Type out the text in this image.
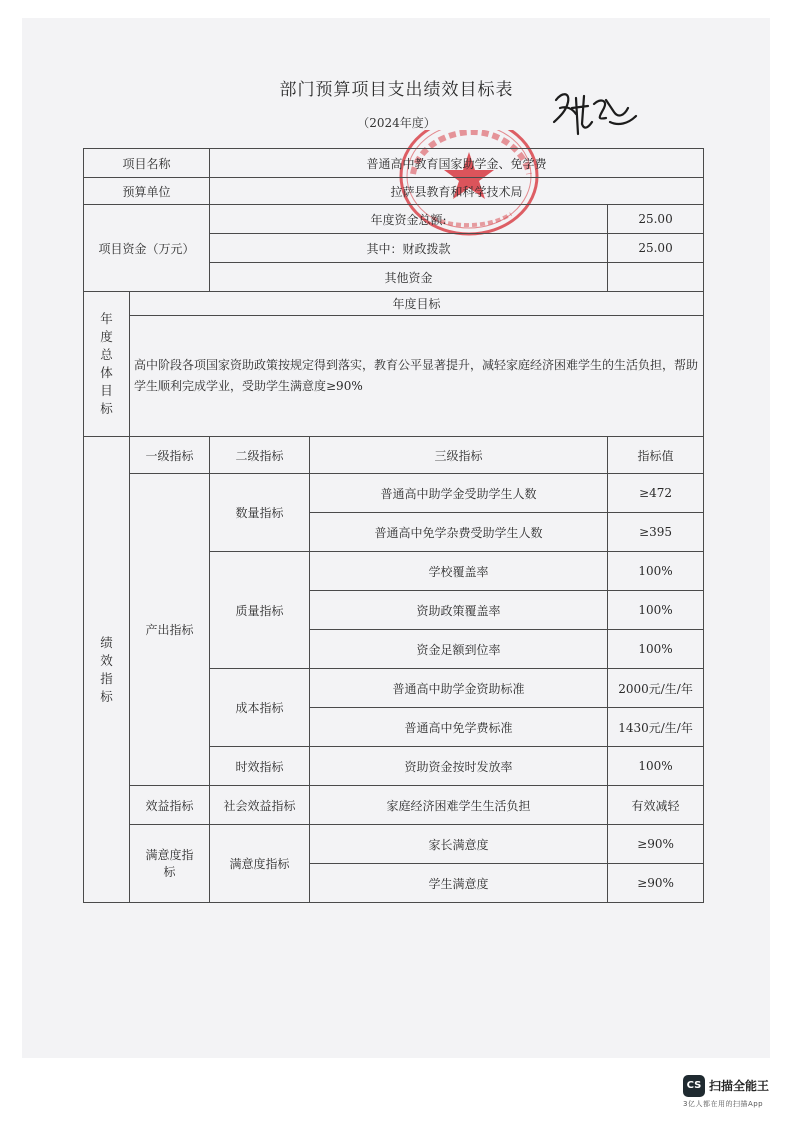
部门预算项目支出绩效目标表
（2024年度）
项目名称		普通高中教育国家助学金、免学费		
预算单位		拉萨县教育和科学技术局		
项目资金（万元）		年度资金总额:		25.00
		其中：财政拨款		25.00
		其他资金		
年度总体目标	年度目标			
	高中阶段各项国家资助政策按规定得到落实，教育公平显著提升，减轻家庭经济困难学生的生活负担，帮助学生顺利完成学业，受助学生满意度≥90%			
绩效指标	一级指标	二级指标	三级指标	指标值
	产出指标	数量指标	普通高中助学金受助学生人数	≥472
			普通高中免学杂费受助学生人数	≥395
		质量指标	学校覆盖率	100%
			资助政策覆盖率	100%
			资金足额到位率	100%
		成本指标	普通高中助学金资助标准	2000元/生/年
			普通高中免学费标准	1430元/生/年
		时效指标	资助资金按时发放率	100%
	效益指标	社会效益指标	家庭经济困难学生生活负担	有效减轻
	满意度指标	满意度指标	家长满意度	≥90%
			学生满意度	≥90%
CS 扫描全能王
3亿人都在用的扫描App
